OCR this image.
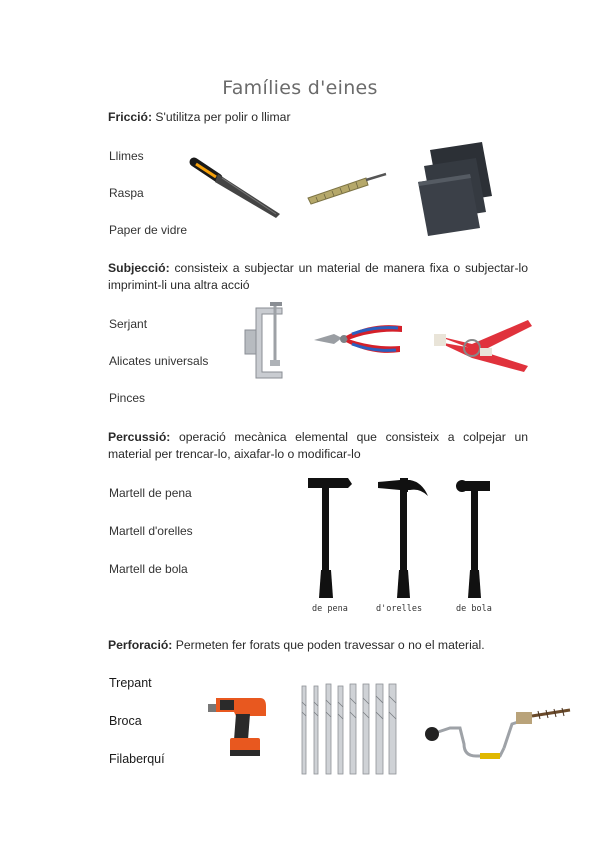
Famílies d'eines
Fricció: S'utilitza per polir o llimar
Llimes
Raspa
Paper de vidre
Subjecció: consisteix a subjectar un material de manera fixa o subjectar-lo imprimint-li una altra acció
Serjant
Alicates universals
Pinces
Percussió: operació mecànica elemental que consisteix a colpejar un material per trencar-lo, aixafar-lo o modificar-lo
Martell de pena
Martell d'orelles
Martell de bola
de pena	d'orelles	de bola
Perforació: Permeten fer forats que poden travessar o no el material.
Trepant
Broca
Filaberquí
